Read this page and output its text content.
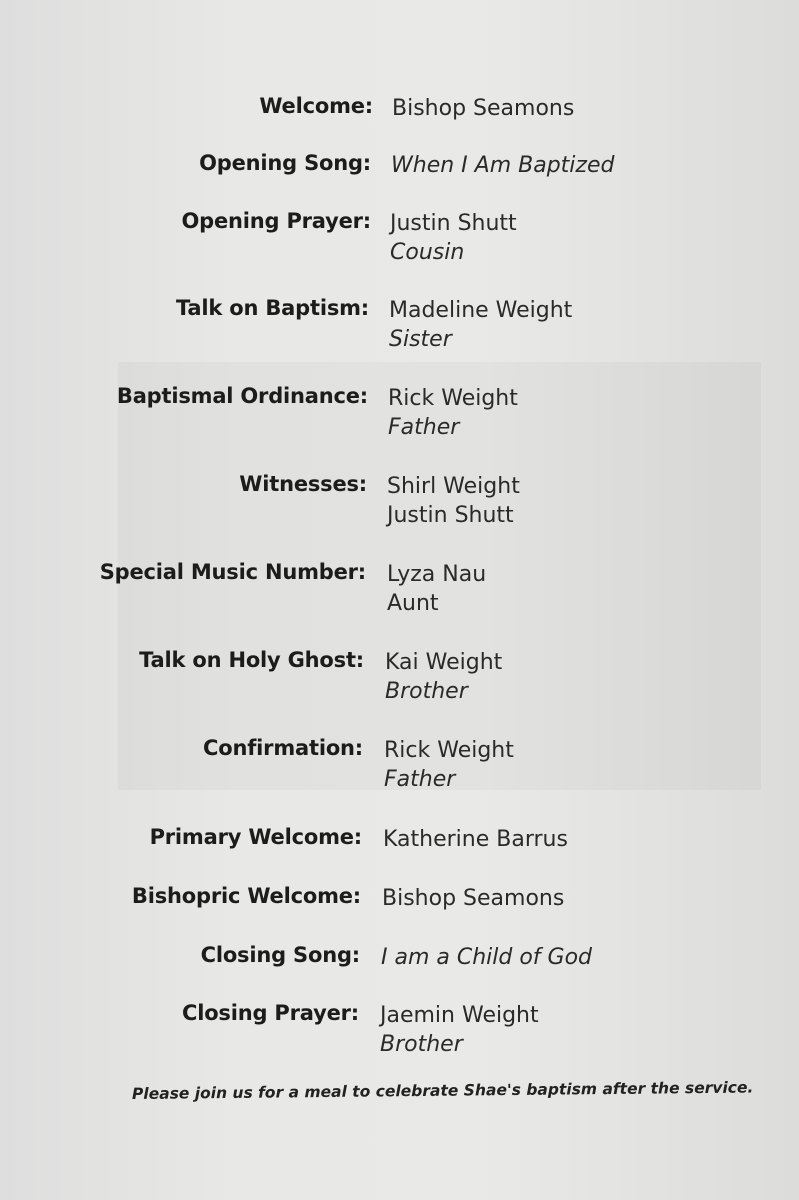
Welcome: Bishop Seamons
Opening Song: When I Am Baptized
Opening Prayer: Justin Shutt
Cousin
Talk on Baptism: Madeline Weight
Sister
Baptismal Ordinance: Rick Weight
Father
Witnesses: Shirl Weight
Justin Shutt
Special Music Number: Lyza Nau
Aunt
Talk on Holy Ghost: Kai Weight
Brother
Confirmation: Rick Weight
Father
Primary Welcome: Katherine Barrus
Bishopric Welcome: Bishop Seamons
Closing Song: I am a Child of God
Closing Prayer: Jaemin Weight
Brother
Please join us for a meal to celebrate Shae's baptism after the service.
